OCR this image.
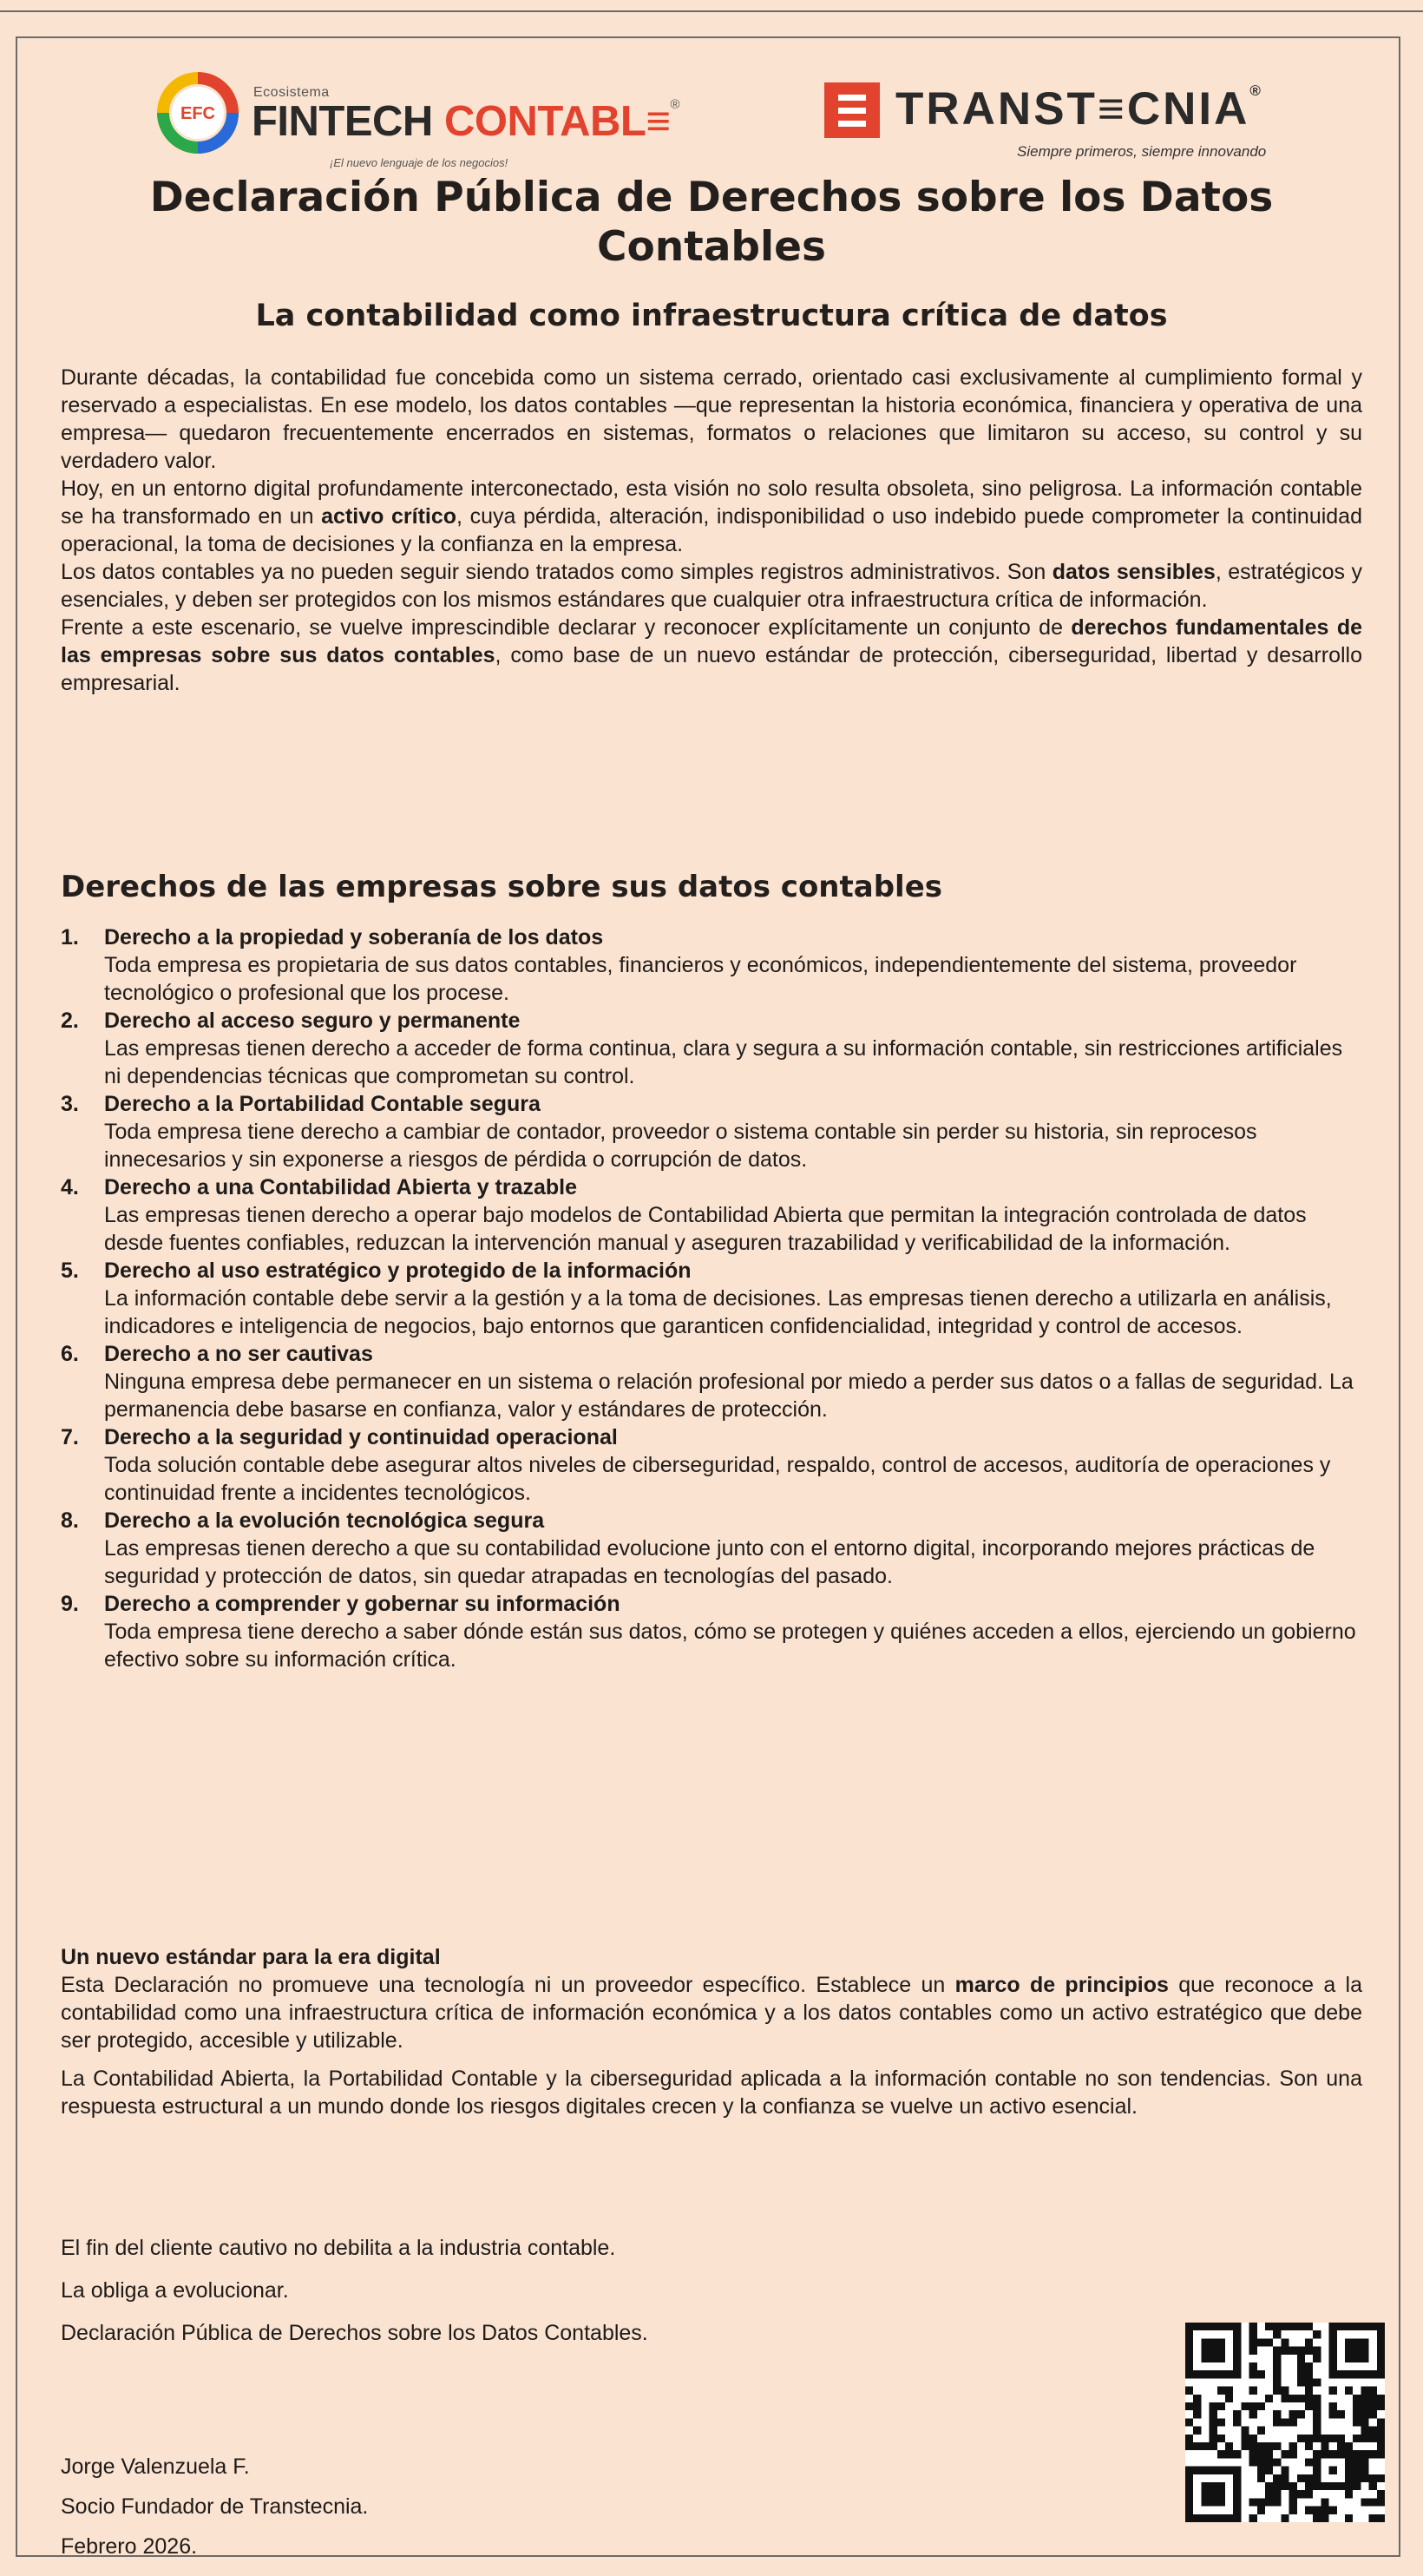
EFC
Ecosistema
FINTECH CONTABL≡®
¡El nuevo lenguaje de los negocios!
TRANST≡CNIA®
Siempre primeros, siempre innovando
Declaración Pública de Derechos sobre los Datos Contables
La contabilidad como infraestructura crítica de datos

Durante décadas, la contabilidad fue concebida como un sistema cerrado, orientado casi exclusivamente al cumplimiento formal y reservado a especialistas. En ese modelo, los datos contables —que representan la historia económica, financiera y operativa de una empresa— quedaron frecuentemente encerrados en sistemas, formatos o relaciones que limitaron su acceso, su control y su verdadero valor.

Hoy, en un entorno digital profundamente interconectado, esta visión no solo resulta obsoleta, sino peligrosa. La información contable se ha transformado en un activo crítico, cuya pérdida, alteración, indisponibilidad o uso indebido puede comprometer la continuidad operacional, la toma de decisiones y la confianza en la empresa.

Los datos contables ya no pueden seguir siendo tratados como simples registros administrativos. Son datos sensibles, estratégicos y esenciales, y deben ser protegidos con los mismos estándares que cualquier otra infraestructura crítica de información.

Frente a este escenario, se vuelve imprescindible declarar y reconocer explícitamente un conjunto de derechos fundamentales de las empresas sobre sus datos contables, como base de un nuevo estándar de protección, ciberseguridad, libertad y desarrollo empresarial.

Derechos de las empresas sobre sus datos contables
1. Derecho a la propiedad y soberanía de los datos
Toda empresa es propietaria de sus datos contables, financieros y económicos, independientemente del sistema, proveedor tecnológico o profesional que los procese.
2. Derecho al acceso seguro y permanente
Las empresas tienen derecho a acceder de forma continua, clara y segura a su información contable, sin restricciones artificiales ni dependencias técnicas que comprometan su control.
3. Derecho a la Portabilidad Contable segura
Toda empresa tiene derecho a cambiar de contador, proveedor o sistema contable sin perder su historia, sin reprocesos innecesarios y sin exponerse a riesgos de pérdida o corrupción de datos.
4. Derecho a una Contabilidad Abierta y trazable
Las empresas tienen derecho a operar bajo modelos de Contabilidad Abierta que permitan la integración controlada de datos desde fuentes confiables, reduzcan la intervención manual y aseguren trazabilidad y verificabilidad de la información.
5. Derecho al uso estratégico y protegido de la información
La información contable debe servir a la gestión y a la toma de decisiones. Las empresas tienen derecho a utilizarla en análisis, indicadores e inteligencia de negocios, bajo entornos que garanticen confidencialidad, integridad y control de accesos.
6. Derecho a no ser cautivas
Ninguna empresa debe permanecer en un sistema o relación profesional por miedo a perder sus datos o a fallas de seguridad. La permanencia debe basarse en confianza, valor y estándares de protección.
7. Derecho a la seguridad y continuidad operacional
Toda solución contable debe asegurar altos niveles de ciberseguridad, respaldo, control de accesos, auditoría de operaciones y continuidad frente a incidentes tecnológicos.
8. Derecho a la evolución tecnológica segura
Las empresas tienen derecho a que su contabilidad evolucione junto con el entorno digital, incorporando mejores prácticas de seguridad y protección de datos, sin quedar atrapadas en tecnologías del pasado.
9. Derecho a comprender y gobernar su información
Toda empresa tiene derecho a saber dónde están sus datos, cómo se protegen y quiénes acceden a ellos, ejerciendo un gobierno efectivo sobre su información crítica.
Un nuevo estándar para la era digital

Esta Declaración no promueve una tecnología ni un proveedor específico. Establece un marco de principios que reconoce a la contabilidad como una infraestructura crítica de información económica y a los datos contables como un activo estratégico que debe ser protegido, accesible y utilizable.

La Contabilidad Abierta, la Portabilidad Contable y la ciberseguridad aplicada a la información contable no son tendencias. Son una respuesta estructural a un mundo donde los riesgos digitales crecen y la confianza se vuelve un activo esencial.

El fin del cliente cautivo no debilita a la industria contable.

La obliga a evolucionar.

Declaración Pública de Derechos sobre los Datos Contables.

Jorge Valenzuela F.
Socio Fundador de Transtecnia.
Febrero 2026.
